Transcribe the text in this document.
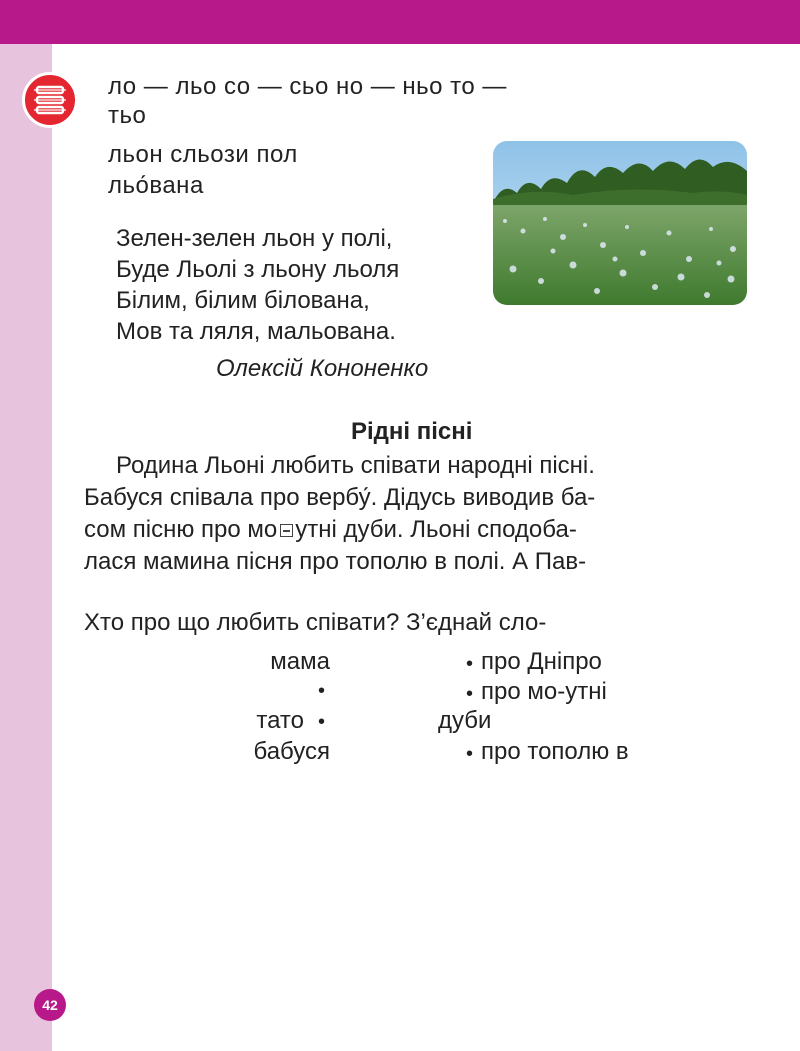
ло — льо со — сьо но — ньо то —
тьо
льон сльози пол
льо́вана
Зелен-зелен льон у полі,
Буде Льолі з льону льоля
Білим, білим білована,
Мов та ляля, мальована.
Олексій Кононенко
Рідні пісні
Родина Льоні любить співати народні пісні.
Бабуся співала про вербу́. Дідусь виводив ба-
сом пісню про мо утні дуби. Льоні сподоба-
лася мамина пісня про тополю в полі. А Пав-
Хто про що любить співати? З’єднай сло-
мама
•
тато •
бабуся
• про Дніпро
• про мо-утні
дуби
• про тополю в
42
